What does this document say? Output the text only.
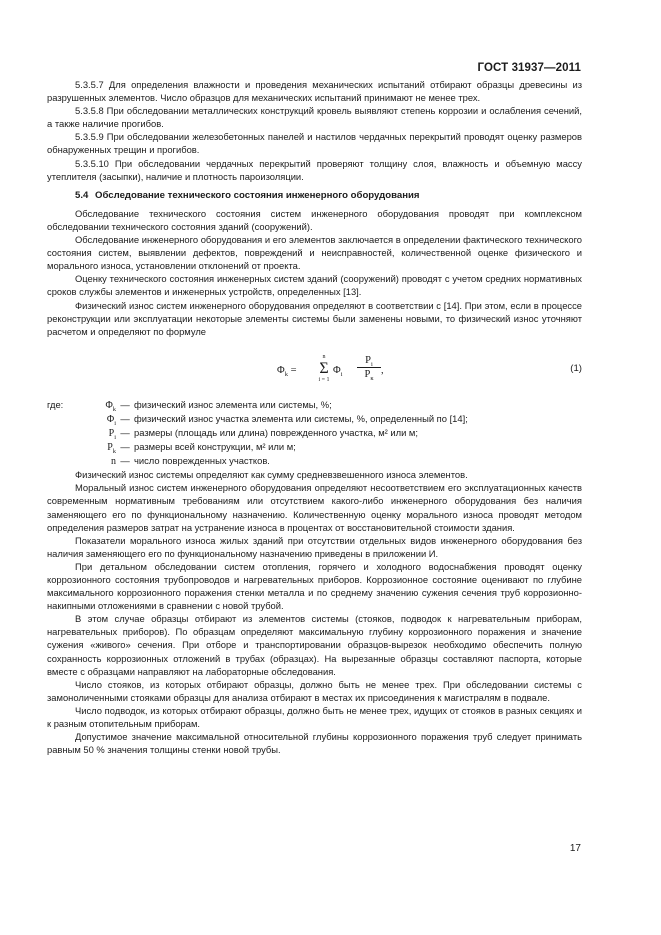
ГОСТ 31937—2011

5.3.5.7 Для определения влажности и проведения механических испытаний отбирают образцы древесины из разрушенных элементов. Число образцов для механических испытаний принимают не менее трех.

5.3.5.8 При обследовании металлических конструкций кровель выявляют степень коррозии и ослабления сечений, а также наличие прогибов.

5.3.5.9 При обследовании железобетонных панелей и настилов чердачных перекрытий проводят оценку размеров обнаруженных трещин и прогибов.

5.3.5.10 При обследовании чердачных перекрытий проверяют толщину слоя, влажность и объемную массу утеплителя (засыпки), наличие и плотность пароизоляции.

5.4 Обследование технического состояния инженерного оборудования

Обследование технического состояния систем инженерного оборудования проводят при комплексном обследовании технического состояния зданий (сооружений).

Обследование инженерного оборудования и его элементов заключается в определении фактического технического состояния систем, выявлении дефектов, повреждений и неисправностей, количественной оценке физического и морального износа, установлении отклонений от проекта.

Оценку технического состояния инженерных систем зданий (сооружений) проводят с учетом средних нормативных сроков службы элементов и инженерных устройств, определенных [13].

Физический износ систем инженерного оборудования определяют в соответствии с [14]. При этом, если в процессе реконструкции или эксплуатации некоторые элементы системы были заменены новыми, то физический износ уточняют расчетом и определяют по формуле

$\Phi_k$ =
n
Σ
i = 1
$\Phi_i$
$P_i$
$P_к$
,	(1)
где:	$\Phi_k$ — физический износ элемента или системы, %;
$\Phi_i$ — физический износ участка элемента или системы, %, определенный по [14];
$P_i$ — размеры (площадь или длина) поврежденного участка, м² или м;
$P_k$ — размеры всей конструкции, м² или м;
n — число поврежденных участков.

Физический износ системы определяют как сумму средневзвешенного износа элементов.

Моральный износ систем инженерного оборудования определяют несоответствием его эксплуатационных качеств современным нормативным требованиям или отсутствием какого-либо инженерного оборудования без наличия заменяющего его по функциональному назначению. Количественную оценку морального износа проводят методом определения размеров затрат на устранение износа в процентах от восстановительной стоимости здания.

Показатели морального износа жилых зданий при отсутствии отдельных видов инженерного оборудования без наличия заменяющего его по функциональному назначению приведены в приложении И.

При детальном обследовании систем отопления, горячего и холодного водоснабжения проводят оценку коррозионного состояния трубопроводов и нагревательных приборов. Коррозионное состояние оценивают по глубине максимального коррозионного поражения стенки металла и по среднему значению сужения сечения труб коррозионно-накипными отложениями в сравнении с новой трубой.

В этом случае образцы отбирают из элементов системы (стояков, подводок к нагревательным приборам, нагревательных приборов). По образцам определяют максимальную глубину коррозионного поражения и значение сужения «живого» сечения. При отборе и транспортировании образцов-вырезок необходимо обеспечить полную сохранность коррозионных отложений в трубах (образцах). На вырезанные образцы составляют паспорта, которые вместе с образцами направляют на лабораторные обследования.

Число стояков, из которых отбирают образцы, должно быть не менее трех. При обследовании системы с замоноличенными стояками образцы для анализа отбирают в местах их присоединения к магистралям в подвале.

Число подводок, из которых отбирают образцы, должно быть не менее трех, идущих от стояков в разных секциях и к разным отопительным приборам.

Допустимое значение максимальной относительной глубины коррозионного поражения труб следует принимать равным 50 % значения толщины стенки новой трубы.

17
